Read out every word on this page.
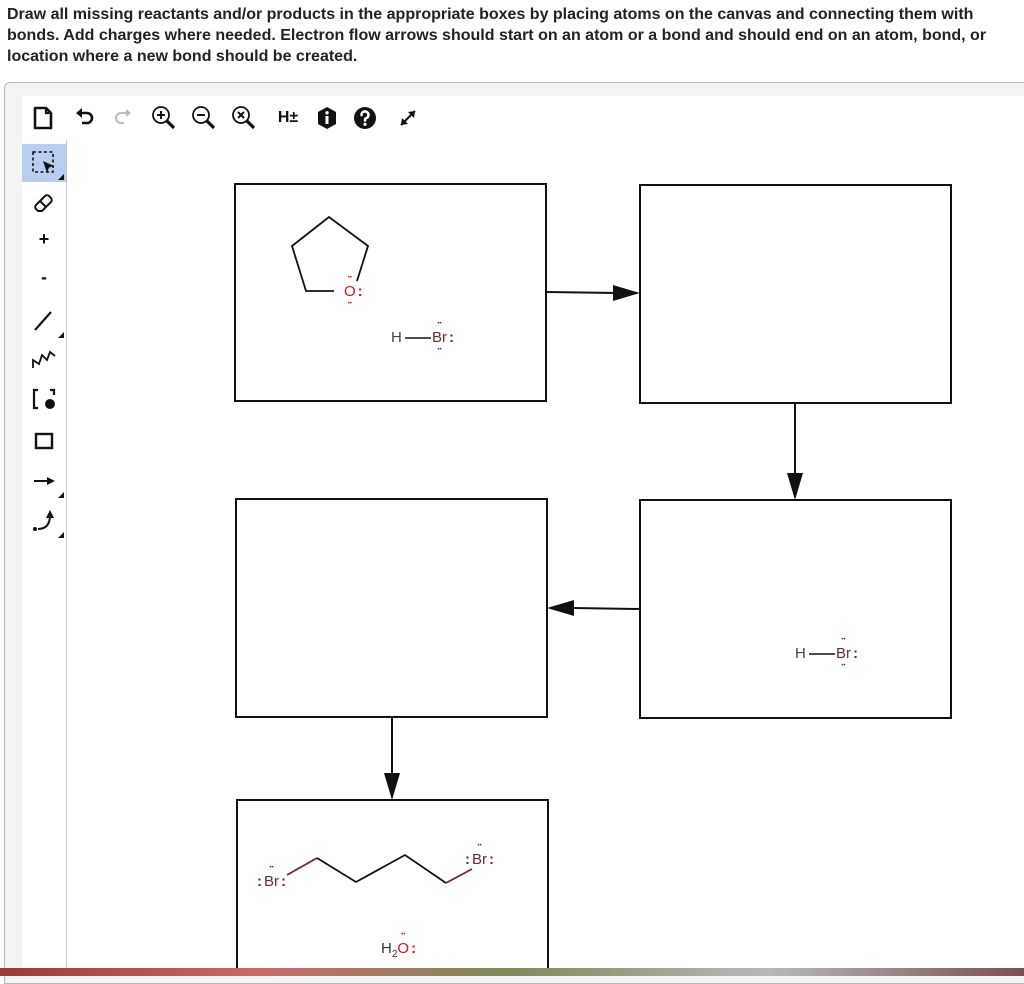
Draw all missing reactants and/or products in the appropriate boxes by placing atoms on the canvas and connecting them with bonds. Add charges where needed. Electron flow arrows should start on an atom or a bond and should end on an atom, bond, or location where a new bond should be created.

H±
+
-
•• O •• :
H •• Br •• :
H •• Br •• :
: •• Br :
: •• Br :
$H_2••$ O :
